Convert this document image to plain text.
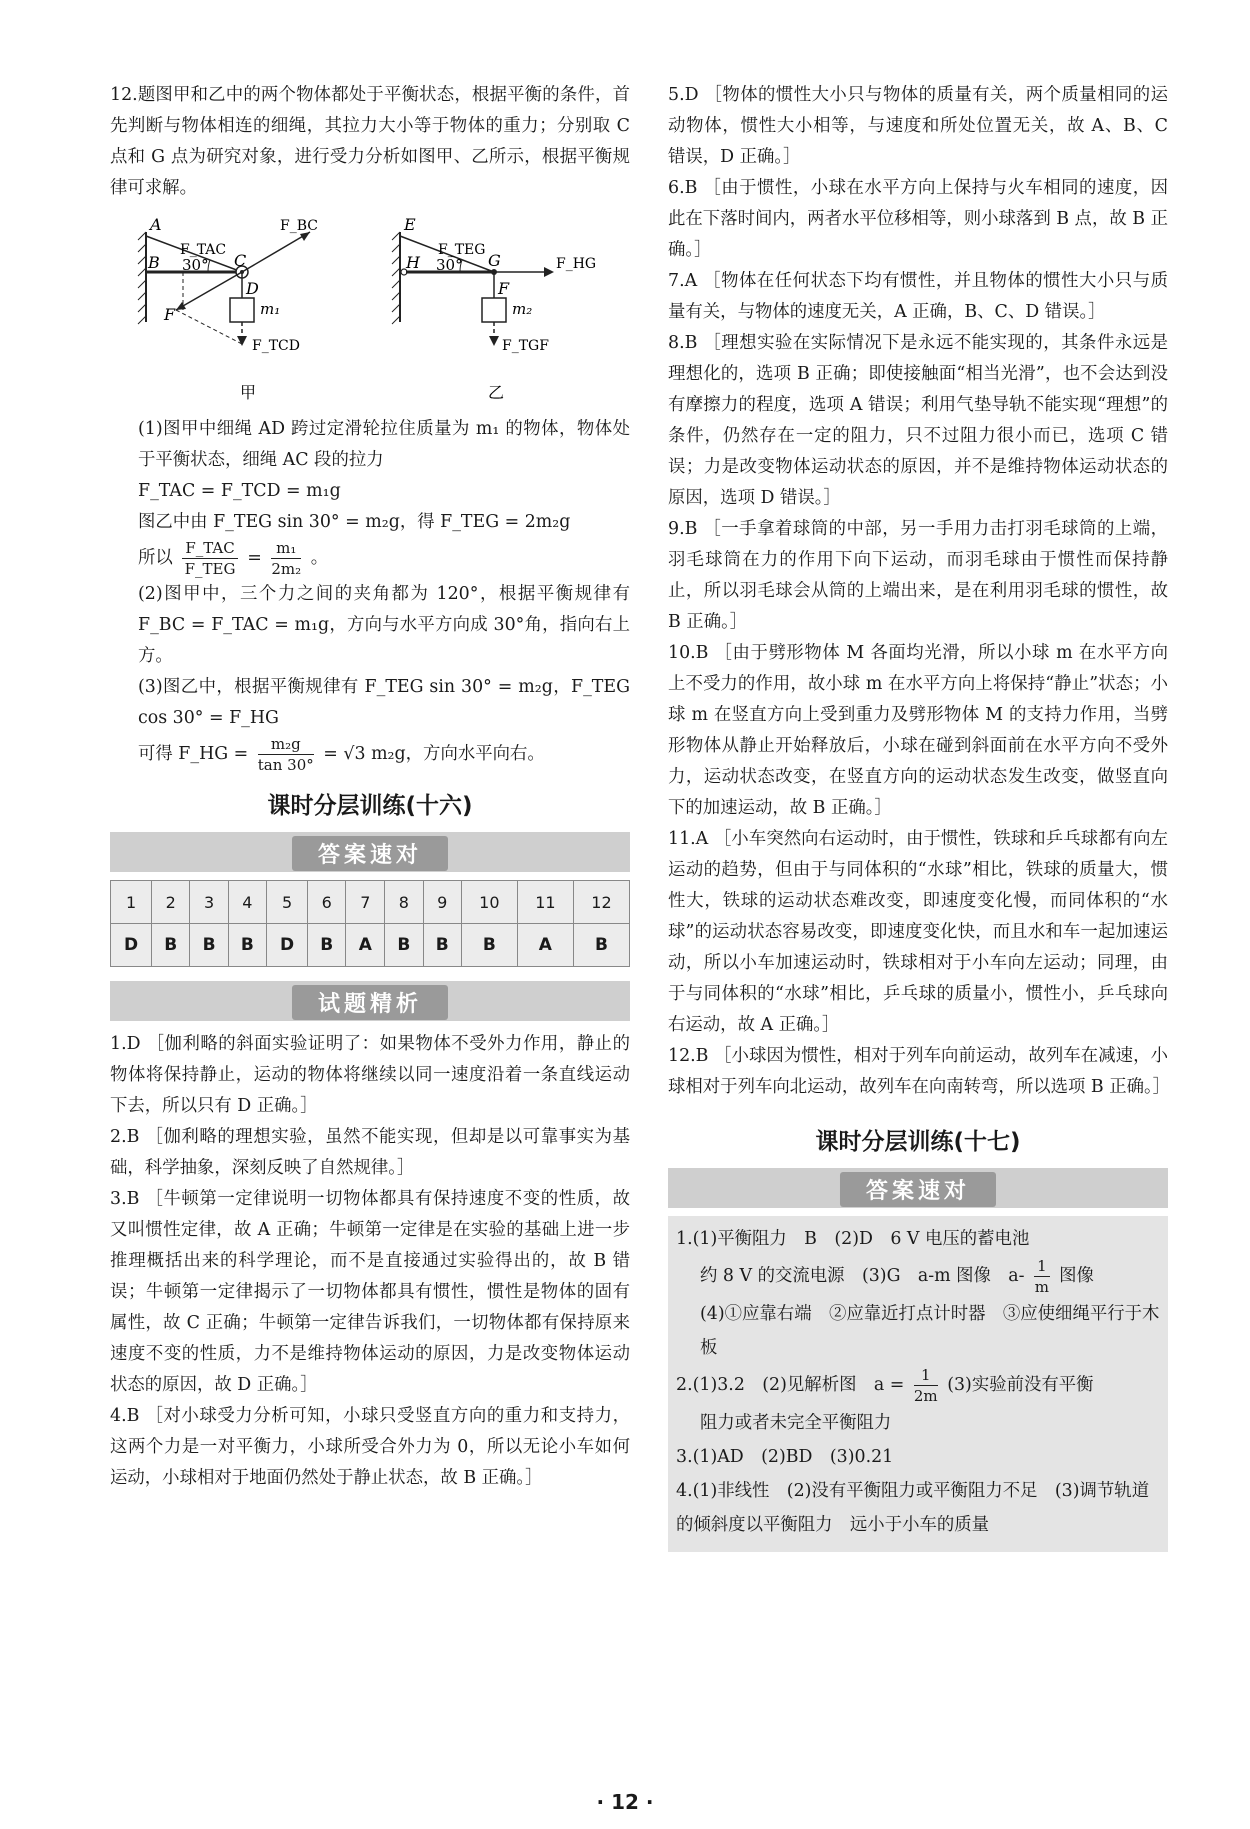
12.题图甲和乙中的两个物体都处于平衡状态，根据平衡的条件，首先判断与物体相连的细绳，其拉力大小等于物体的重力；分别取 C 点和 G 点为研究对象，进行受力分析如图甲、乙所示，根据平衡规律可求解。

A
B	C
D
F
F_TAC
F_BC
30°
m₁
F_TCD
甲
E
H	G
F
F_TEG
F_HG
30°
m₂
F_TGF
乙

(1)图甲中细绳 AD 跨过定滑轮拉住质量为 m₁ 的物体，物体处于平衡状态，细绳 AC 段的拉力

F_TAC = F_TCD = m₁g

图乙中由 F_TEG sin 30° = m₂g，得 F_TEG = 2m₂g

所以 $\frac{\text{F\_TAC}}{\text{F\_TEG}} = \frac{\text{m₁}}{\text{2m₂}}$ 。

(2)图甲中，三个力之间的夹角都为 120°，根据平衡规律有 F_BC = F_TAC = m₁g，方向与水平方向成 30°角，指向右上方。

(3)图乙中，根据平衡规律有 F_TEG sin 30° = m₂g，F_TEG cos 30° = F_HG

可得 F_HG = $\frac{\text{m₂g}}{\tan 30^\circ} = √3$ m₂g，方向水平向右。

课时分层训练(十六)
答案速对
1	2	3	4	5	6	7	8	9	10	11	12
D	B	B	B	D	B	A	B	B	B	A	B
试题精析

1.D ［伽利略的斜面实验证明了：如果物体不受外力作用，静止的物体将保持静止，运动的物体将继续以同一速度沿着一条直线运动下去，所以只有 D 正确。］

2.B ［伽利略的理想实验，虽然不能实现，但却是以可靠事实为基础，科学抽象，深刻反映了自然规律。］

3.B ［牛顿第一定律说明一切物体都具有保持速度不变的性质，故又叫惯性定律，故 A 正确；牛顿第一定律是在实验的基础上进一步推理概括出来的科学理论，而不是直接通过实验得出的，故 B 错误；牛顿第一定律揭示了一切物体都具有惯性，惯性是物体的固有属性，故 C 正确；牛顿第一定律告诉我们，一切物体都有保持原来速度不变的性质，力不是维持物体运动的原因，力是改变物体运动状态的原因，故 D 正确。］

4.B ［对小球受力分析可知，小球只受竖直方向的重力和支持力，这两个力是一对平衡力，小球所受合外力为 0，所以无论小车如何运动，小球相对于地面仍然处于静止状态，故 B 正确。］

5.D ［物体的惯性大小只与物体的质量有关，两个质量相同的运动物体，惯性大小相等，与速度和所处位置无关，故 A、B、C 错误，D 正确。］

6.B ［由于惯性，小球在水平方向上保持与火车相同的速度，因此在下落时间内，两者水平位移相等，则小球落到 B 点，故 B 正确。］

7.A ［物体在任何状态下均有惯性，并且物体的惯性大小只与质量有关，与物体的速度无关，A 正确，B、C、D 错误。］

8.B ［理想实验在实际情况下是永远不能实现的，其条件永远是理想化的，选项 B 正确；即使接触面“相当光滑”，也不会达到没有摩擦力的程度，选项 A 错误；利用气垫导轨不能实现“理想”的条件，仍然存在一定的阻力，只不过阻力很小而已，选项 C 错误；力是改变物体运动状态的原因，并不是维持物体运动状态的原因，选项 D 错误。］

9.B ［一手拿着球筒的中部，另一手用力击打羽毛球筒的上端，羽毛球筒在力的作用下向下运动，而羽毛球由于惯性而保持静止，所以羽毛球会从筒的上端出来，是在利用羽毛球的惯性，故 B 正确。］

10.B ［由于劈形物体 M 各面均光滑，所以小球 m 在水平方向上不受力的作用，故小球 m 在水平方向上将保持“静止”状态；小球 m 在竖直方向上受到重力及劈形物体 M 的支持力作用，当劈形物体从静止开始释放后，小球在碰到斜面前在水平方向不受外力，运动状态改变，在竖直方向的运动状态发生改变，做竖直向下的加速运动，故 B 正确。］

11.A ［小车突然向右运动时，由于惯性，铁球和乒乓球都有向左运动的趋势，但由于与同体积的“水球”相比，铁球的质量大，惯性大，铁球的运动状态难改变，即速度变化慢，而同体积的“水球”的运动状态容易改变，即速度变化快，而且水和车一起加速运动，所以小车加速运动时，铁球相对于小车向左运动；同理，由于与同体积的“水球”相比，乒乓球的质量小，惯性小，乒乓球向右运动，故 A 正确。］

12.B ［小球因为惯性，相对于列车向前运动，故列车在减速，小球相对于列车向北运动，故列车在向南转弯，所以选项 B 正确。］

课时分层训练(十七)
答案速对

1.(1)平衡阻力　B　(2)D　6 V 电压的蓄电池

约 8 V 的交流电源　(3)G　a-m 图像　$a- \frac{1}{m}$ 图像

(4)①应靠右端　②应靠近打点计时器　③应使细绳平行于木板

2.(1)3.2　(2)见解析图　$a = \frac{1}{2m} (3)$实验前没有平衡

阻力或者未完全平衡阻力

3.(1)AD　(2)BD　(3)0.21

4.(1)非线性　(2)没有平衡阻力或平衡阻力不足　(3)调节轨道的倾斜度以平衡阻力　远小于小车的质量

· 12 ·
